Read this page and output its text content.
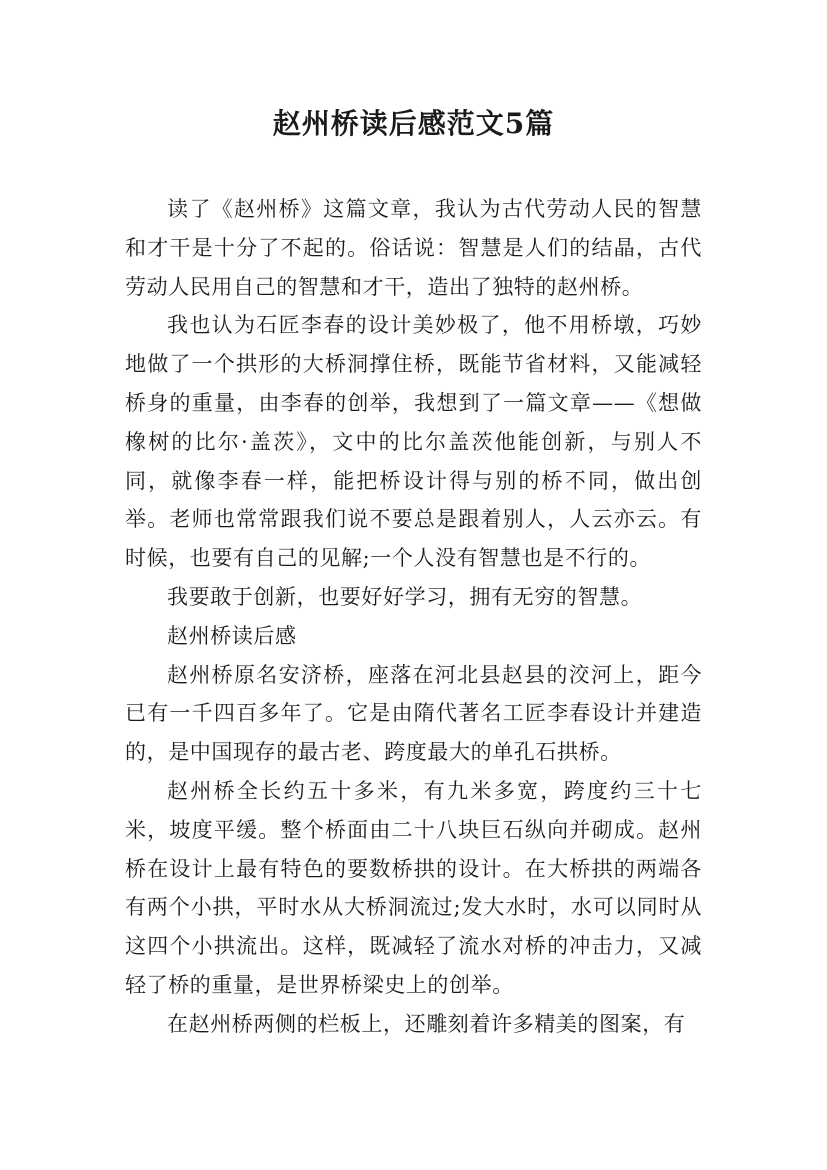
赵州桥读后感范文5篇

读了《赵州桥》这篇文章，我认为古代劳动人民的智慧和才干是十分了不起的。俗话说：智慧是人们的结晶，古代劳动人民用自己的智慧和才干，造出了独特的赵州桥。

我也认为石匠李春的设计美妙极了，他不用桥墩，巧妙地做了一个拱形的大桥洞撑住桥，既能节省材料，又能减轻桥身的重量，由李春的创举，我想到了一篇文章——《想做橡树的比尔·盖茨》，文中的比尔盖茨他能创新，与别人不同，就像李春一样，能把桥设计得与别的桥不同，做出创举。老师也常常跟我们说不要总是跟着别人，人云亦云。有时候，也要有自己的见解;一个人没有智慧也是不行的。

我要敢于创新，也要好好学习，拥有无穷的智慧。

赵州桥读后感

赵州桥原名安济桥，座落在河北县赵县的洨河上，距今已有一千四百多年了。它是由隋代著名工匠李春设计并建造的，是中国现存的最古老、跨度最大的单孔石拱桥。

赵州桥全长约五十多米，有九米多宽，跨度约三十七米，坡度平缓。整个桥面由二十八块巨石纵向并砌成。赵州桥在设计上最有特色的要数桥拱的设计。在大桥拱的两端各有两个小拱，平时水从大桥洞流过;发大水时，水可以同时从这四个小拱流出。这样，既减轻了流水对桥的冲击力，又减轻了桥的重量，是世界桥梁史上的创举。

在赵州桥两侧的栏板上，还雕刻着许多精美的图案，有
